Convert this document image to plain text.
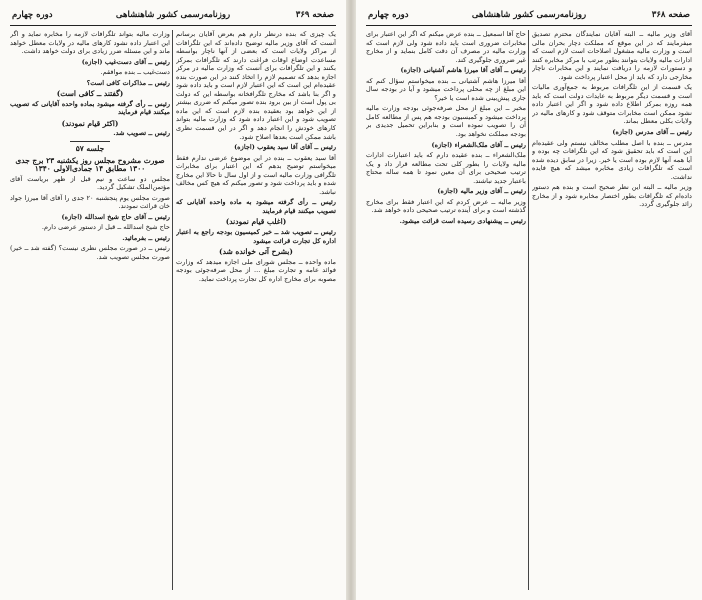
صفحه ۳۶۹
روزنامه‌رسمی کشور شاهنشاهی
دوره چهارم

یک چیزی که بنده درنظر دارم هم بعرض آقایان برسانم آنست که آقای وزیر مالیه توضیح داده‌اند که این تلگرافات از مراکز ولایات است که بعضی از آنها ناچار بواسطه مساعدت اوضاع اوقات فراغت دارند که تلگرافات بمرکز بکنند و این تلگرافات برای آنست که وزارت مالیه در مرکز اجازه بدهد که تصمیم لازم را اتخاذ کنند در این صورت بنده عقیده‌ام این است که این اعتبار لازم است و باید داده شود و اگر بنا باشد که مخارج تلگرافخانه بواسطه این که دولت بی پول است از بین برود بنده تصور میکنم که ضرری بیشتر از این خواهد بود بعقیده بنده لازم است که این ماده تصویب شود و این اعتبار داده شود که وزارت مالیه بتواند کارهای خودش را انجام دهد و اگر در این قسمت نظری باشد ممکن است بعدها اصلاح شود.

رئیس ــ آقای آقا سید یعقوب (اجازه)

آقا سید یعقوب ــ بنده در این موضوع عرضی ندارم فقط میخواستم توضیح بدهم که این اعتبار برای مخابرات تلگرافی وزارت مالیه است و از اول سال تا حالا این مخارج شده و باید پرداخت شود و تصور میکنم که هیچ کس مخالف نباشد.

رئیس ــ رأی گرفته میشود به ماده واحده آقایانی که تصویب میکنند قیام فرمایند

(اغلب قیام نمودند)

رئیس ــ تصویب شد ــ خبر کمیسیون بودجه راجع به اعتبار اداره کل تجارت قرائت میشود

(بشرح آتی خوانده شد)

ماده واحده ــ مجلس شورای ملی اجازه میدهد که وزارت فوائد عامه و تجارت مبلغ ... از محل صرفه‌جوئی بودجه مصوبه برای مخارج اداره کل تجارت پرداخت نماید.

وزارت مالیه بتواند تلگرافات لازمه را مخابره نماید و اگر این اعتبار داده نشود کارهای مالیه در ولایات معطل خواهد ماند و این مسئله ضرر زیادی برای دولت خواهد داشت.

رئیس ــ آقای دست‌غیب (اجازه)

دست‌غیب ــ بنده موافقم.

رئیس ــ مذاکرات کافی است؟

(گفتند ــ کافی است)

رئیس ــ رأی گرفته میشود بماده واحده آقایانی که تصویب میکنند قیام فرمایند

(اکثر قیام نمودند)

رئیس ــ تصویب شد.

جلسه ۵۷

صورت مشروح مجلس روز یکشنبه ۲۳ برج جدی ۱۳۰۰ مطابق ۱۴ جمادی‌الاولی ۱۳۴۰

مجلس دو ساعت و نیم قبل از ظهر بریاست آقای مؤتمن‌الملک تشکیل گردید.

صورت مجلس یوم پنجشنبه ۲۰ جدی را آقای آقا میرزا جواد خان قرائت نمودند.

رئیس ــ آقای حاج شیخ اسدالله (اجازه)

حاج شیخ اسدالله ــ قبل از دستور عرضی دارم.

رئیس ــ بفرمائید.

رئیس ــ در صورت مجلس نظری نیست؟ (گفته شد ــ خیر) صورت مجلس تصویب شد.

صفحه ۳۶۸
روزنامه‌رسمی کشور شاهنشاهی
دوره چهارم

آقای وزیر مالیه ــ البته آقایان نمایندگان محترم تصدیق میفرمایند که در این موقع که مملکت دچار بحران مالی است و وزارت مالیه مشغول اصلاحات است لازم است که ادارات مالیه ولایات بتوانند بطور مرتب با مرکز مخابره کنند و دستورات لازمه را دریافت نمایند و این مخابرات ناچار مخارجی دارد که باید از محل اعتبار پرداخت شود.

یک قسمت از این تلگرافات مربوط به جمع‌آوری مالیات است و قسمت دیگر مربوط به عایدات دولت است که باید همه روزه بمرکز اطلاع داده شود و اگر این اعتبار داده نشود ممکن است مخابرات متوقف شود و کارهای مالیه در ولایات بکلی معطل بماند.

رئیس ــ آقای مدرس (اجازه)

مدرس ــ بنده با اصل مطلب مخالف نیستم ولی عقیده‌ام این است که باید تحقیق شود که این تلگرافات چه بوده و آیا همه آنها لازم بوده است یا خیر. زیرا در سابق دیده شده است که تلگرافات زیادی مخابره میشد که هیچ فایده نداشت.

وزیر مالیه ــ البته این نظر صحیح است و بنده هم دستور داده‌ام که تلگرافات بطور اختصار مخابره شود و از مخارج زائد جلوگیری گردد.

حاج آقا اسمعیل ــ بنده عرض میکنم که اگر این اعتبار برای مخابرات ضروری است باید داده شود ولی لازم است که وزارت مالیه در مصرف آن دقت کامل بنماید و از مخارج غیر ضروری جلوگیری کند.

رئیس ــ آقای آقا میرزا هاشم آشتیانی (اجازه)

آقا میرزا هاشم آشتیانی ــ بنده میخواستم سؤال کنم که این مبلغ از چه محلی پرداخت میشود و آیا در بودجه سال جاری پیش‌بینی شده است یا خیر؟

مخبر ــ این مبلغ از محل صرفه‌جوئی بودجه وزارت مالیه پرداخت میشود و کمیسیون بودجه هم پس از مطالعه کامل آن را تصویب نموده است و بنابراین تحمیل جدیدی بر بودجه مملکت نخواهد بود.

رئیس ــ آقای ملک‌الشعراء (اجازه)

ملک‌الشعراء ــ بنده عقیده دارم که باید اعتبارات ادارات مالیه ولایات را بطور کلی تحت مطالعه قرار داد و یک ترتیب صحیحی برای آن معین نمود تا همه ساله محتاج باعتبار جدید نباشند.

رئیس ــ آقای وزیر مالیه (اجازه)

وزیر مالیه ــ عرض کردم که این اعتبار فقط برای مخارج گذشته است و برای آینده ترتیب صحیحی داده خواهد شد.

رئیس ــ پیشنهادی رسیده است قرائت میشود.
